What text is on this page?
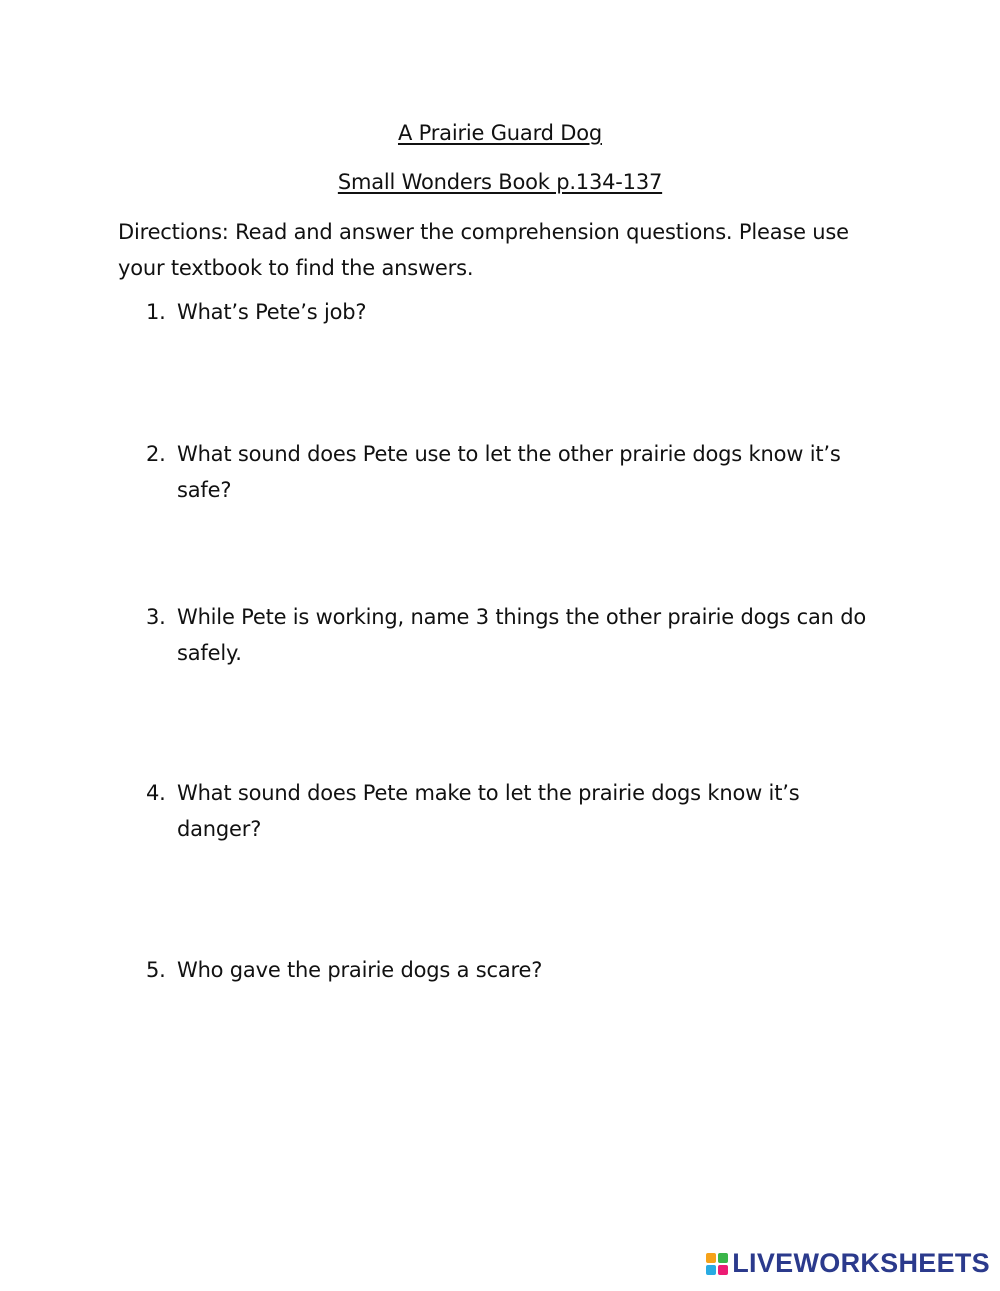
A Prairie Guard Dog
Small Wonders Book p.134-137
Directions: Read and answer the comprehension questions. Please use your textbook to find the answers.
1. What’s Pete’s job?
2. What sound does Pete use to let the other prairie dogs know it’s safe?
3. While Pete is working, name 3 things the other prairie dogs can do safely.
4. What sound does Pete make to let the prairie dogs know it’s danger?
5. Who gave the prairie dogs a scare?
LIVEWORKSHEETS
